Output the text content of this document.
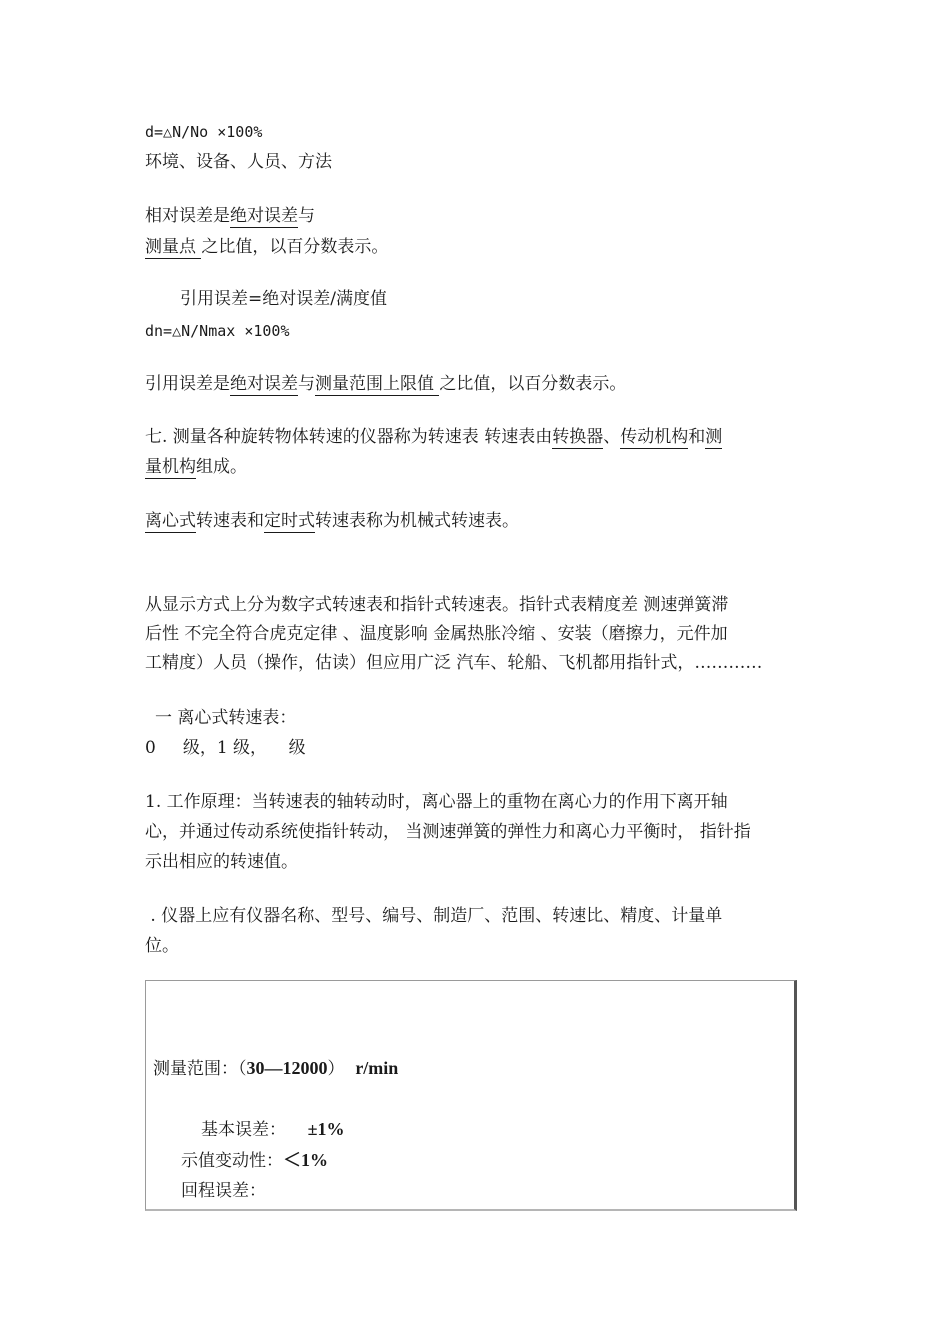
d=△N/No ×100%
环境、设备、人员、方法
相对误差是绝对误差与
测量点 之比值，以百分数表示。
引用误差=绝对误差/满度值
dn=△N/Nmax ×100%
引用误差是绝对误差与测量范围上限值 之比值，以百分数表示。
七. 测量各种旋转物体转速的仪器称为转速表 转速表由转换器、传动机构和测
量机构组成。
离心式转速表和定时式转速表称为机械式转速表。
从显示方式上分为数字式转速表和指针式转速表。指针式表精度差 测速弹簧滞
后性 不完全符合虎克定律 、温度影响 金属热胀冷缩 、安装（磨擦力，元件加
工精度）人员（操作，估读）但应用广泛 汽车、轮船、飞机都用指针式，…………
一 离心式转速表：
0     级，1 级，    级
1. 工作原理：当转速表的轴转动时，离心器上的重物在离心力的作用下离开轴
心，并通过传动系统使指针转动， 当测速弹簧的弹性力和离心力平衡时， 指针指
示出相应的转速值。
. 仪器上应有仪器名称、型号、编号、制造厂、范围、转速比、精度、计量单
位。
测量范围：（30—12000） r/min
基本误差： ±1%
示值变动性：＜1%
回程误差：
